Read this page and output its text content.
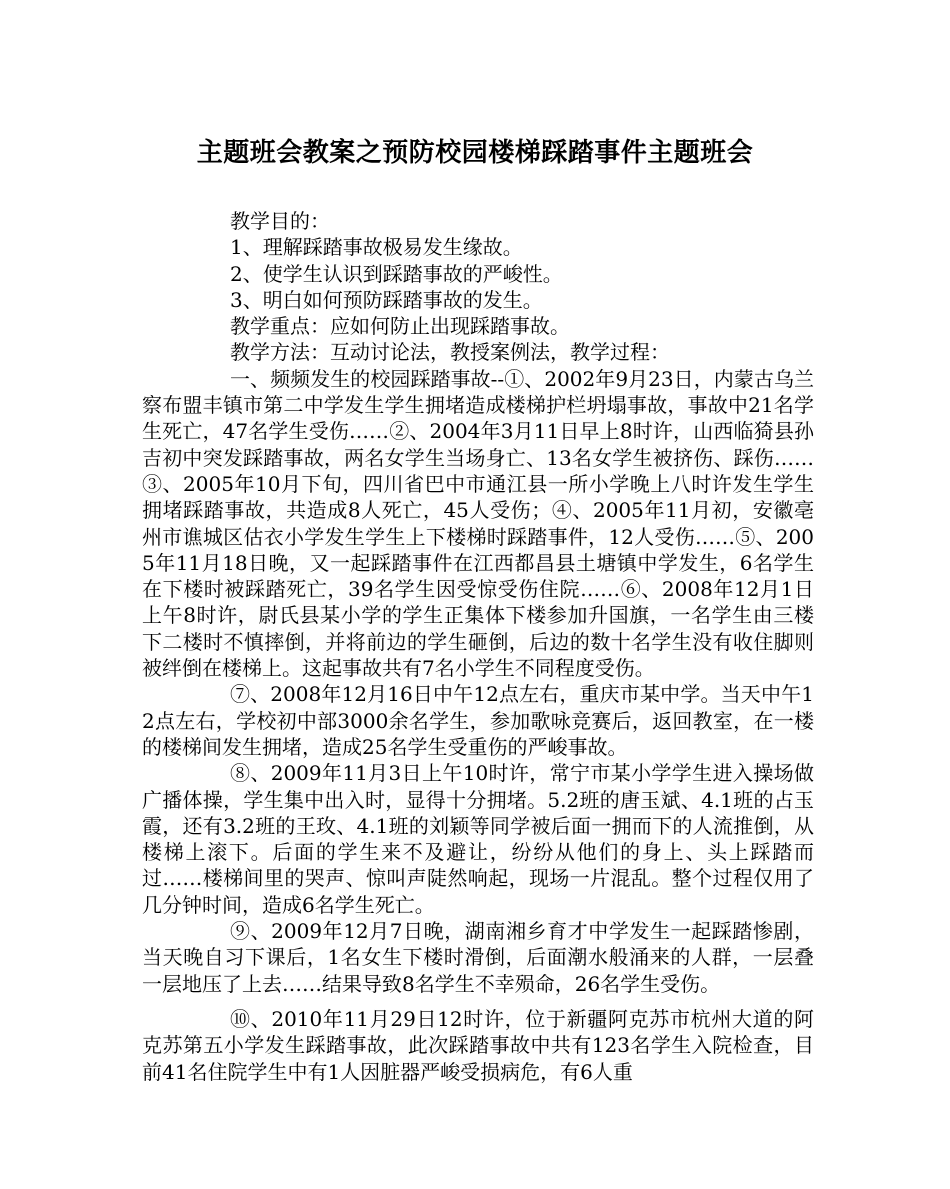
主题班会教案之预防校园楼梯踩踏事件主题班会

教学目的：

1、理解踩踏事故极易发生缘故。

2、使学生认识到踩踏事故的严峻性。

3、明白如何预防踩踏事故的发生。

教学重点：应如何防止出现踩踏事故。

教学方法：互动讨论法，教授案例法，教学过程：

一、频频发生的校园踩踏事故--①、2002年9月23日，内蒙古乌兰察布盟丰镇市第二中学发生学生拥堵造成楼梯护栏坍塌事故，事故中21名学生死亡，47名学生受伤……②、2004年3月11日早上8时许，山西临猗县孙吉初中突发踩踏事故，两名女学生当场身亡、13名女学生被挤伤、踩伤……③、2005年10月下旬，四川省巴中市通江县一所小学晚上八时许发生学生拥堵踩踏事故，共造成8人死亡，45人受伤；④、2005年11月初，安徽亳州市谯城区估衣小学发生学生上下楼梯时踩踏事件，12人受伤……⑤、2005年11月18日晚，又一起踩踏事件在江西都昌县土塘镇中学发生，6名学生在下楼时被踩踏死亡，39名学生因受惊受伤住院……⑥、2008年12月1日上午8时许，尉氏县某小学的学生正集体下楼参加升国旗，一名学生由三楼下二楼时不慎摔倒，并将前边的学生砸倒，后边的数十名学生没有收住脚则被绊倒在楼梯上。这起事故共有7名小学生不同程度受伤。

⑦、2008年12月16日中午12点左右，重庆市某中学。当天中午12点左右，学校初中部3000余名学生，参加歌咏竞赛后，返回教室，在一楼的楼梯间发生拥堵，造成25名学生受重伤的严峻事故。

⑧、2009年11月3日上午10时许，常宁市某小学学生进入操场做广播体操，学生集中出入时，显得十分拥堵。5.2班的唐玉斌、4.1班的占玉霞，还有3.2班的王玫、4.1班的刘颖等同学被后面一拥而下的人流推倒，从楼梯上滚下。后面的学生来不及避让，纷纷从他们的身上、头上踩踏而过……楼梯间里的哭声、惊叫声陡然响起，现场一片混乱。整个过程仅用了几分钟时间，造成6名学生死亡。

⑨、2009年12月7日晚，湖南湘乡育才中学发生一起踩踏惨剧，当天晚自习下课后，1名女生下楼时滑倒，后面潮水般涌来的人群，一层叠一层地压了上去……结果导致8名学生不幸殒命，26名学生受伤。

⑩、2010年11月29日12时许，位于新疆阿克苏市杭州大道的阿克苏第五小学发生踩踏事故，此次踩踏事故中共有123名学生入院检查，目前41名住院学生中有1人因脏器严峻受损病危，有6人重
